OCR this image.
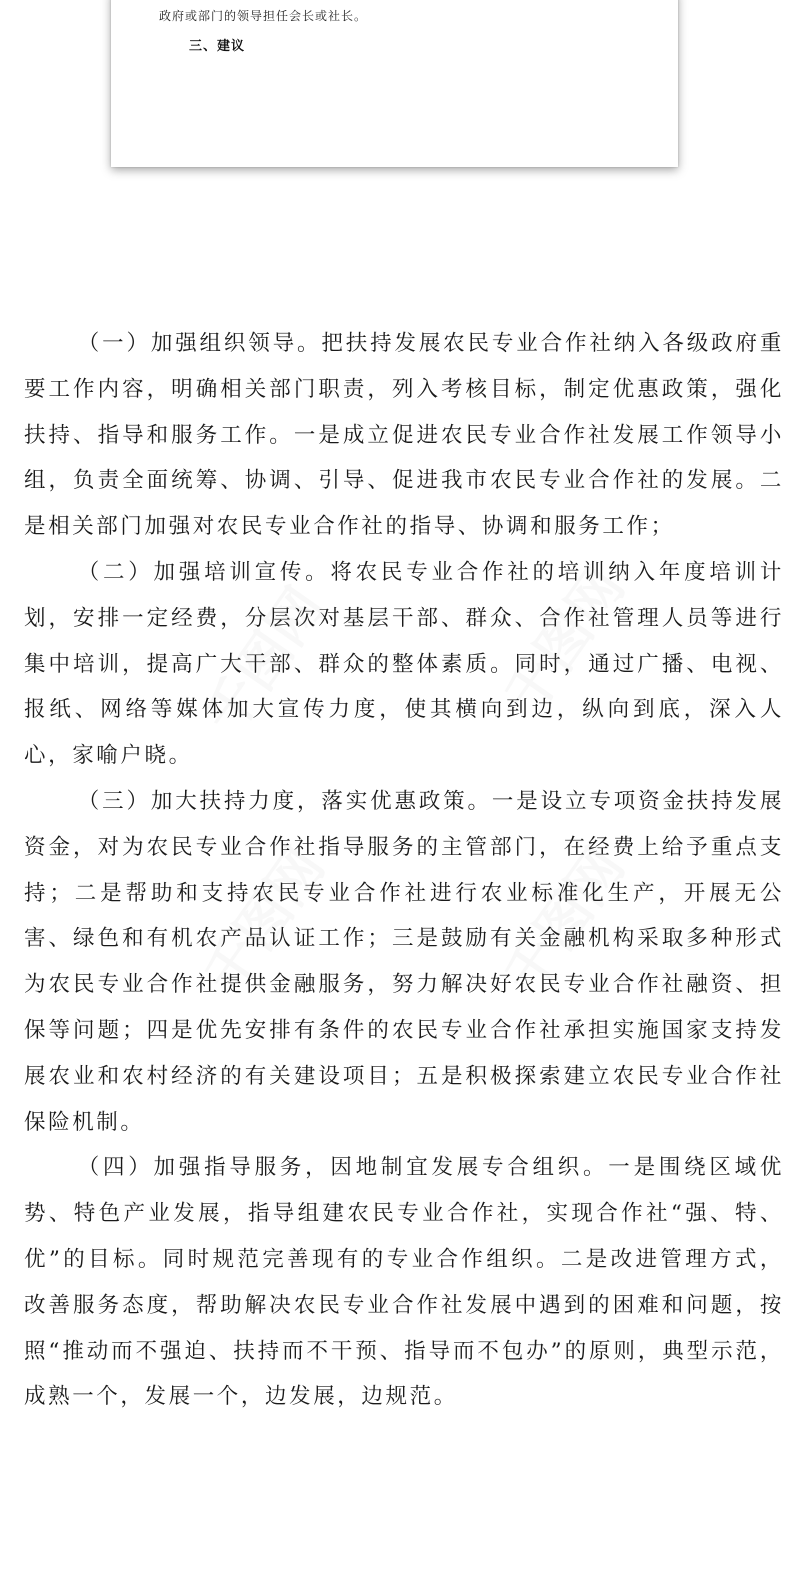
政府或部门的领导担任会长或社长。
三、建议

（一）加强组织领导。把扶持发展农民专业合作社纳入各级政府重要工作内容，明确相关部门职责，列入考核目标，制定优惠政策，强化扶持、指导和服务工作。一是成立促进农民专业合作社发展工作领导小组，负责全面统筹、协调、引导、促进我市农民专业合作社的发展。二是相关部门加强对农民专业合作社的指导、协调和服务工作；

（二）加强培训宣传。将农民专业合作社的培训纳入年度培训计划，安排一定经费，分层次对基层干部、群众、合作社管理人员等进行集中培训，提高广大干部、群众的整体素质。同时，通过广播、电视、报纸、网络等媒体加大宣传力度，使其横向到边，纵向到底，深入人心，家喻户晓。

（三）加大扶持力度，落实优惠政策。一是设立专项资金扶持发展资金，对为农民专业合作社指导服务的主管部门，在经费上给予重点支持；二是帮助和支持农民专业合作社进行农业标准化生产，开展无公害、绿色和有机农产品认证工作；三是鼓励有关金融机构采取多种形式为农民专业合作社提供金融服务，努力解决好农民专业合作社融资、担保等问题；四是优先安排有条件的农民专业合作社承担实施国家支持发展农业和农村经济的有关建设项目；五是积极探索建立农民专业合作社保险机制。

（四）加强指导服务，因地制宜发展专合组织。一是围绕区域优势、特色产业发展，指导组建农民专业合作社，实现合作社“强、特、优”的目标。同时规范完善现有的专业合作组织。二是改进管理方式，改善服务态度，帮助解决农民专业合作社发展中遇到的困难和问题，按照“推动而不强迫、扶持而不干预、指导而不包办”的原则，典型示范，成熟一个，发展一个，边发展，边规范。

千图网	千图网
千图网	千图网
